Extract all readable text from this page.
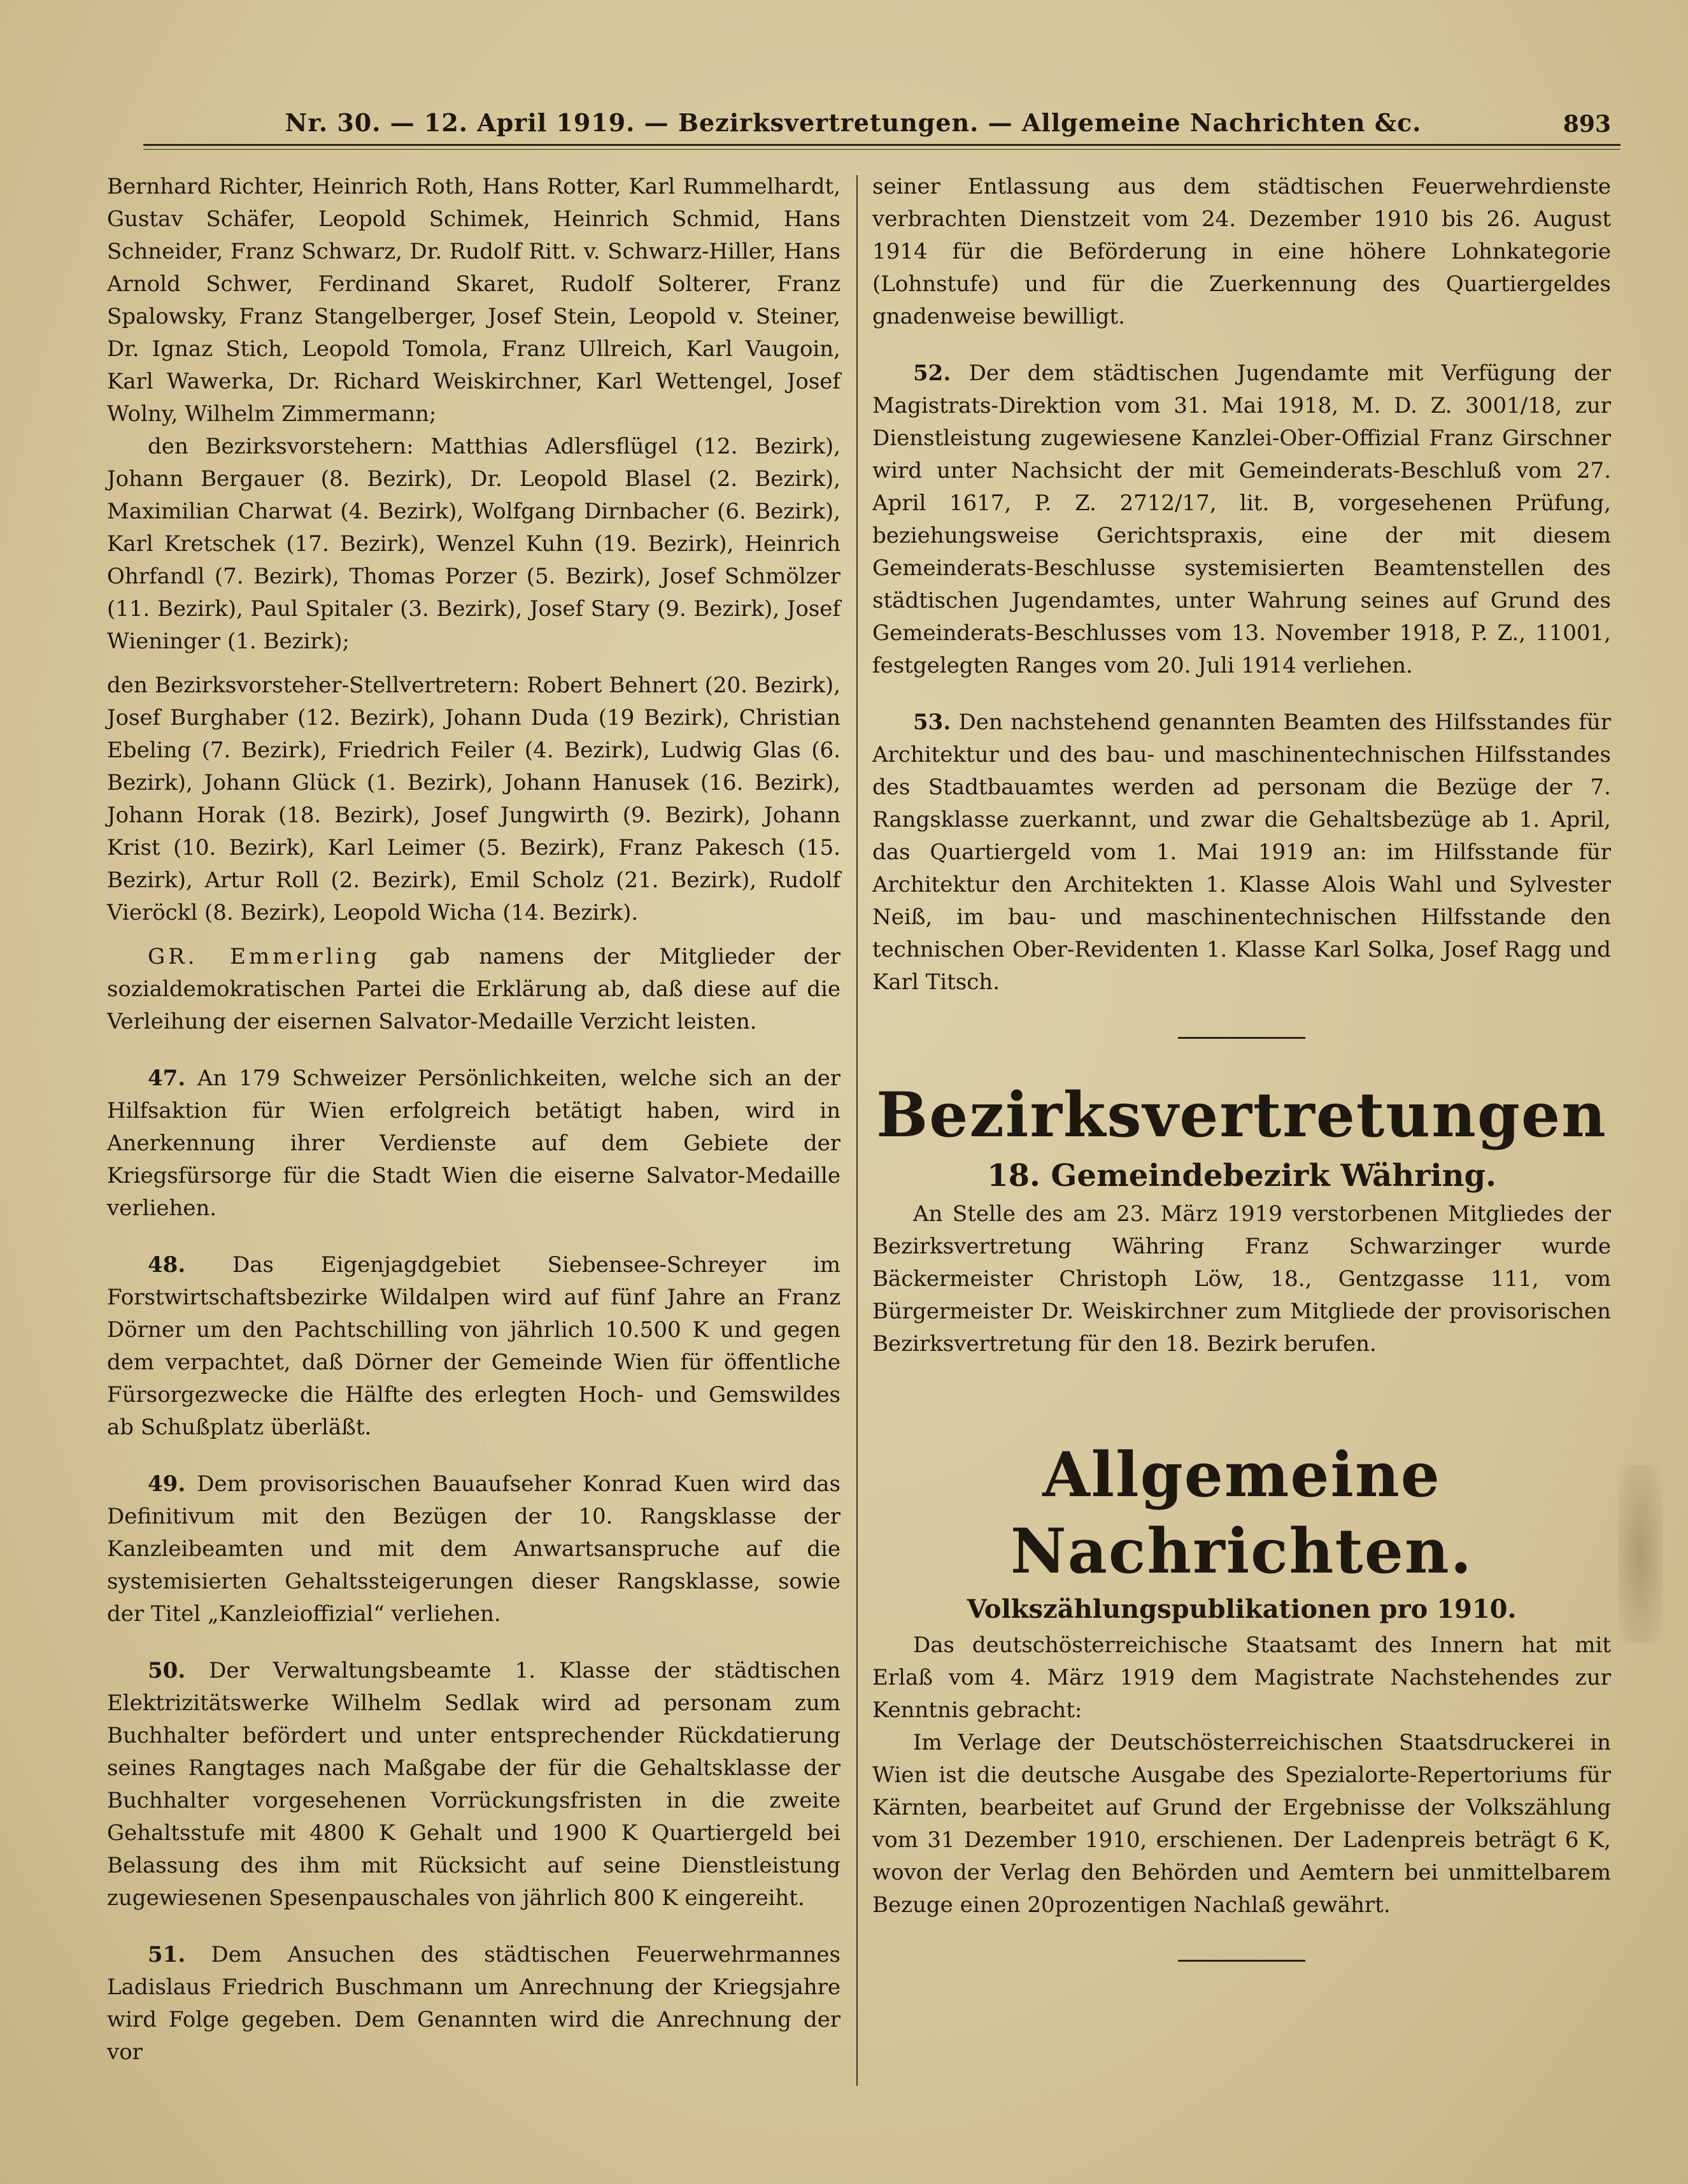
Nr. 30. — 12. April 1919. — Bezirksvertretungen. — Allgemeine Nachrichten &c.	893

Bernhard Richter, Heinrich Roth, Hans Rotter, Karl Rummelhardt, Gustav Schäfer, Leopold Schimek, Heinrich Schmid, Hans Schneider, Franz Schwarz, Dr. Rudolf Ritt. v. Schwarz-Hiller, Hans Arnold Schwer, Ferdinand Skaret, Rudolf Solterer, Franz Spalowsky, Franz Stangelberger, Josef Stein, Leopold v. Steiner, Dr. Ignaz Stich, Leopold Tomola, Franz Ullreich, Karl Vaugoin, Karl Wawerka, Dr. Richard Weiskirchner, Karl Wettengel, Josef Wolny, Wilhelm Zimmermann;

den Bezirksvorstehern: Matthias Adlersflügel (12. Bezirk), Johann Bergauer (8. Bezirk), Dr. Leopold Blasel (2. Bezirk), Maximilian Charwat (4. Bezirk), Wolfgang Dirnbacher (6. Bezirk), Karl Kretschek (17. Bezirk), Wenzel Kuhn (19. Bezirk), Heinrich Ohrfandl (7. Bezirk), Thomas Porzer (5. Bezirk), Josef Schmölzer (11. Bezirk), Paul Spitaler (3. Bezirk), Josef Stary (9. Bezirk), Josef Wieninger (1. Bezirk);

den Bezirksvorsteher-Stellvertretern: Robert Behnert (20. Bezirk), Josef Burghaber (12. Bezirk), Johann Duda (19 Bezirk), Christian Ebeling (7. Bezirk), Friedrich Feiler (4. Bezirk), Ludwig Glas (6. Bezirk), Johann Glück (1. Bezirk), Johann Hanusek (16. Bezirk), Johann Horak (18. Bezirk), Josef Jungwirth (9. Bezirk), Johann Krist (10. Bezirk), Karl Leimer (5. Bezirk), Franz Pakesch (15. Bezirk), Artur Roll (2. Bezirk), Emil Scholz (21. Bezirk), Rudolf Vieröckl (8. Bezirk), Leopold Wicha (14. Bezirk).

GR. Emmerling gab namens der Mitglieder der sozialdemokratischen Partei die Erklärung ab, daß diese auf die Verleihung der eisernen Salvator-Medaille Verzicht leisten.

47. An 179 Schweizer Persönlichkeiten, welche sich an der Hilfsaktion für Wien erfolgreich betätigt haben, wird in Anerkennung ihrer Verdienste auf dem Gebiete der Kriegsfürsorge für die Stadt Wien die eiserne Salvator-Medaille verliehen.

48. Das Eigenjagdgebiet Siebensee-Schreyer im Forstwirtschaftsbezirke Wildalpen wird auf fünf Jahre an Franz Dörner um den Pachtschilling von jährlich 10.500 K und gegen dem verpachtet, daß Dörner der Gemeinde Wien für öffentliche Fürsorgezwecke die Hälfte des erlegten Hoch- und Gemswildes ab Schußplatz überläßt.

49. Dem provisorischen Bauaufseher Konrad Kuen wird das Definitivum mit den Bezügen der 10. Rangsklasse der Kanzleibeamten und mit dem Anwartsanspruche auf die systemisierten Gehaltssteigerungen dieser Rangsklasse, sowie der Titel „Kanzleioffizial“ verliehen.

50. Der Verwaltungsbeamte 1. Klasse der städtischen Elektrizitätswerke Wilhelm Sedlak wird ad personam zum Buchhalter befördert und unter entsprechender Rückdatierung seines Rangtages nach Maßgabe der für die Gehaltsklasse der Buchhalter vorgesehenen Vorrückungsfristen in die zweite Gehaltsstufe mit 4800 K Gehalt und 1900 K Quartiergeld bei Belassung des ihm mit Rücksicht auf seine Dienstleistung zugewiesenen Spesenpauschales von jährlich 800 K eingereiht.

51. Dem Ansuchen des städtischen Feuerwehrmannes Ladislaus Friedrich Buschmann um Anrechnung der Kriegsjahre wird Folge gegeben. Dem Genannten wird die Anrechnung der vor

seiner Entlassung aus dem städtischen Feuerwehrdienste verbrachten Dienstzeit vom 24. Dezember 1910 bis 26. August 1914 für die Beförderung in eine höhere Lohnkategorie (Lohnstufe) und für die Zuerkennung des Quartiergeldes gnadenweise bewilligt.

52. Der dem städtischen Jugendamte mit Verfügung der Magistrats-Direktion vom 31. Mai 1918, M. D. Z. 3001/18, zur Dienstleistung zugewiesene Kanzlei-Ober-Offizial Franz Girschner wird unter Nachsicht der mit Gemeinderats-Beschluß vom 27. April 1617, P. Z. 2712/17, lit. B, vorgesehenen Prüfung, beziehungsweise Gerichtspraxis, eine der mit diesem Gemeinderats-Beschlusse systemisierten Beamtenstellen des städtischen Jugendamtes, unter Wahrung seines auf Grund des Gemeinderats-Beschlusses vom 13. November 1918, P. Z., 11001, festgelegten Ranges vom 20. Juli 1914 verliehen.

53. Den nachstehend genannten Beamten des Hilfsstandes für Architektur und des bau- und maschinentechnischen Hilfsstandes des Stadtbauamtes werden ad personam die Bezüge der 7. Rangsklasse zuerkannt, und zwar die Gehaltsbezüge ab 1. April, das Quartiergeld vom 1. Mai 1919 an: im Hilfsstande für Architektur den Architekten 1. Klasse Alois Wahl und Sylvester Neiß, im bau- und maschinentechnischen Hilfsstande den technischen Ober-Revidenten 1. Klasse Karl Solka, Josef Ragg und Karl Titsch.

Bezirksvertretungen
18. Gemeindebezirk Währing.

An Stelle des am 23. März 1919 verstorbenen Mitgliedes der Bezirksvertretung Währing Franz Schwarzinger wurde Bäckermeister Christoph Löw, 18., Gentzgasse 111, vom Bürgermeister Dr. Weiskirchner zum Mitgliede der provisorischen Bezirksvertretung für den 18. Bezirk berufen.

Allgemeine Nachrichten.
Volkszählungspublikationen pro 1910.

Das deutschösterreichische Staatsamt des Innern hat mit Erlaß vom 4. März 1919 dem Magistrate Nachstehendes zur Kenntnis gebracht:

Im Verlage der Deutschösterreichischen Staatsdruckerei in Wien ist die deutsche Ausgabe des Spezialorte-Repertoriums für Kärnten, bearbeitet auf Grund der Ergebnisse der Volkszählung vom 31 Dezember 1910, erschienen. Der Ladenpreis beträgt 6 K, wovon der Verlag den Behörden und Aemtern bei unmittelbarem Bezuge einen 20prozentigen Nachlaß gewährt.
